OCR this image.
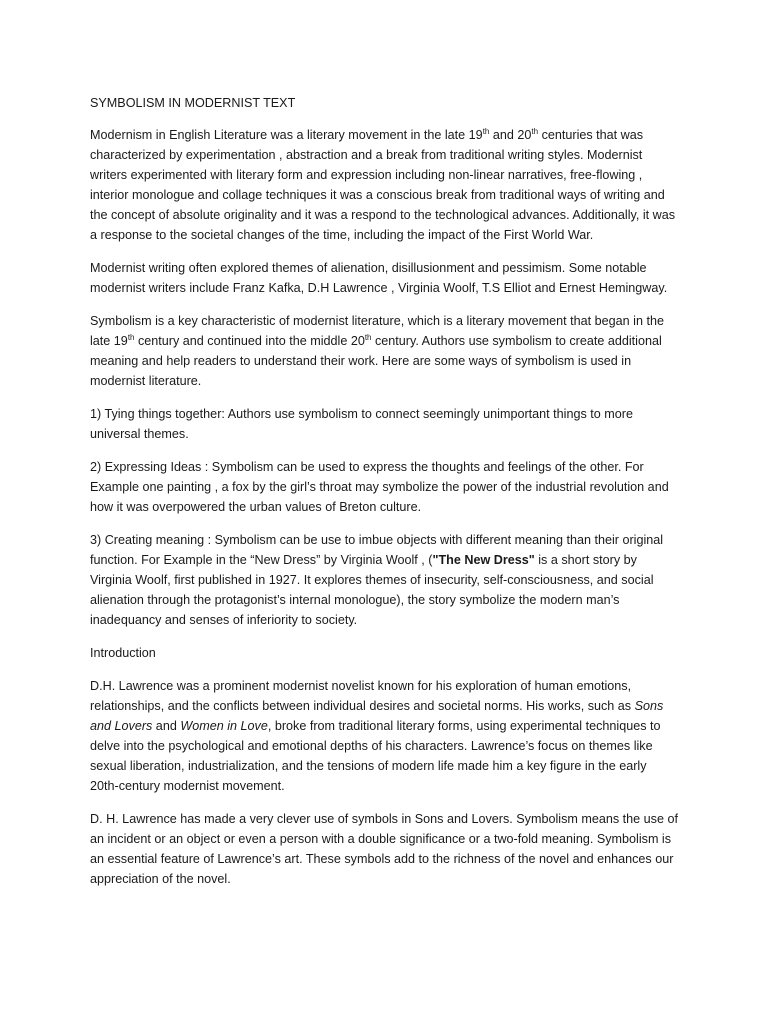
SYMBOLISM IN MODERNIST TEXT

Modernism in English Literature was a literary movement in the late 19th and 20th centuries that was characterized by experimentation , abstraction and a break from traditional writing styles. Modernist writers experimented with literary form and expression including non-linear narratives, free-flowing , interior monologue and collage techniques it was a conscious break from traditional ways of writing and the concept of absolute originality and it was a respond to the technological advances. Additionally, it was a response to the societal changes of the time, including the impact of the First World War.

Modernist writing often explored themes of alienation, disillusionment and pessimism. Some notable modernist writers include Franz Kafka, D.H Lawrence , Virginia Woolf, T.S Elliot and Ernest Hemingway.

Symbolism is a key characteristic of modernist literature, which is a literary movement that began in the late 19th century and continued into the middle 20th century. Authors use symbolism to create additional meaning and help readers to understand their work. Here are some ways of symbolism is used in modernist literature.

1) Tying things together: Authors use symbolism to connect seemingly unimportant things to more universal themes.

2) Expressing Ideas : Symbolism can be used to express the thoughts and feelings of the other. For Example one painting , a fox by the girl’s throat may symbolize the power of the industrial revolution and how it was overpowered the urban values of Breton culture.

3) Creating meaning : Symbolism can be use to imbue objects with different meaning than their original function. For Example in the “New Dress” by Virginia Woolf , ("The New Dress" is a short story by Virginia Woolf, first published in 1927. It explores themes of insecurity, self-consciousness, and social alienation through the protagonist’s internal monologue), the story symbolize the modern man’s inadequancy and senses of inferiority to society.

Introduction

D.H. Lawrence was a prominent modernist novelist known for his exploration of human emotions, relationships, and the conflicts between individual desires and societal norms. His works, such as Sons and Lovers and Women in Love, broke from traditional literary forms, using experimental techniques to delve into the psychological and emotional depths of his characters. Lawrence’s focus on themes like sexual liberation, industrialization, and the tensions of modern life made him a key figure in the early 20th-century modernist movement.

D. H. Lawrence has made a very clever use of symbols in Sons and Lovers. Symbolism means the use of an incident or an object or even a person with a double significance or a two-fold meaning. Symbolism is an essential feature of Lawrence’s art. These symbols add to the richness of the novel and enhances our appreciation of the novel.
